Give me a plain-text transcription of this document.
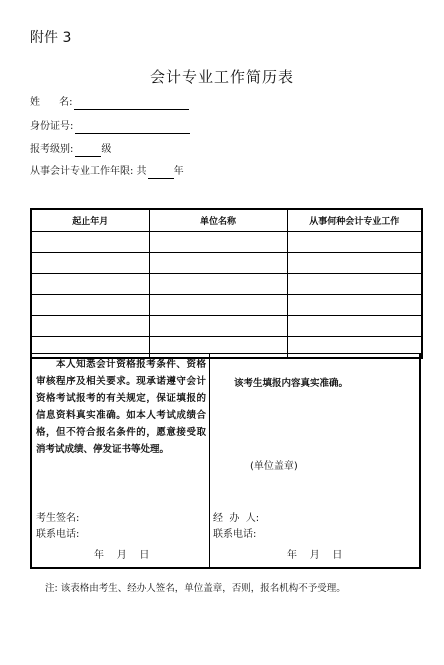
附件 3
会计专业工作简历表
姓      名:
身份证号:
报考级别:	级
从事会计专业工作年限: 共	年
起止年月	单位名称	从事何种会计专业工作

本人知悉会计资格报考条件、资格审核程序及相关要求。现承诺遵守会计资格考试报考的有关规定，保证填报的信息资料真实准确。如本人考试成绩合格，但不符合报名条件的，愿意接受取消考试成绩、停发证书等处理。
考生签名:
联系电话:
年    月    日
该考生填报内容真实准确。
(单位盖章)
经  办  人:
联系电话:
年    月    日
注: 该表格由考生、经办人签名，单位盖章，否则，报名机构不予受理。
